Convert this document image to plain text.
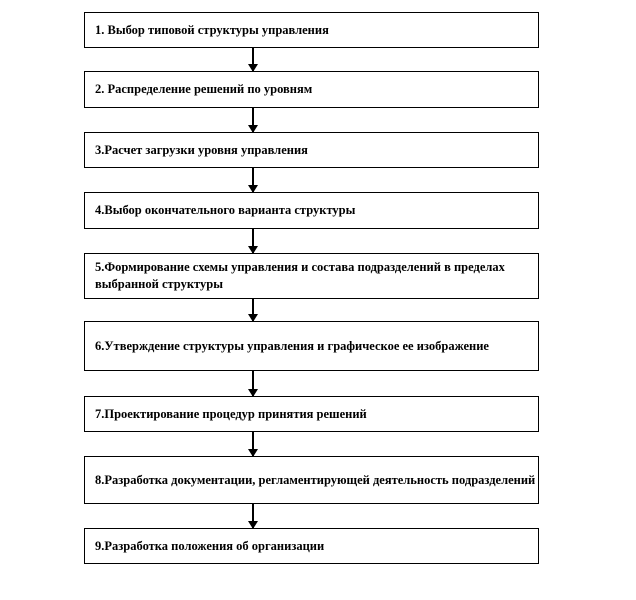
1. Выбор типовой структуры управления
2. Распределение решений по уровням
3.Расчет загрузки уровня управления
4.Выбор окончательного варианта структуры
5.Формирование схемы управления и состава подразделений в пределах выбранной структуры
6.Утверждение структуры управления и графическое ее изображение
7.Проектирование процедур принятия решений
8.Разработка документации, регламентирующей деятельность подразделений
9.Разработка положения об организации
